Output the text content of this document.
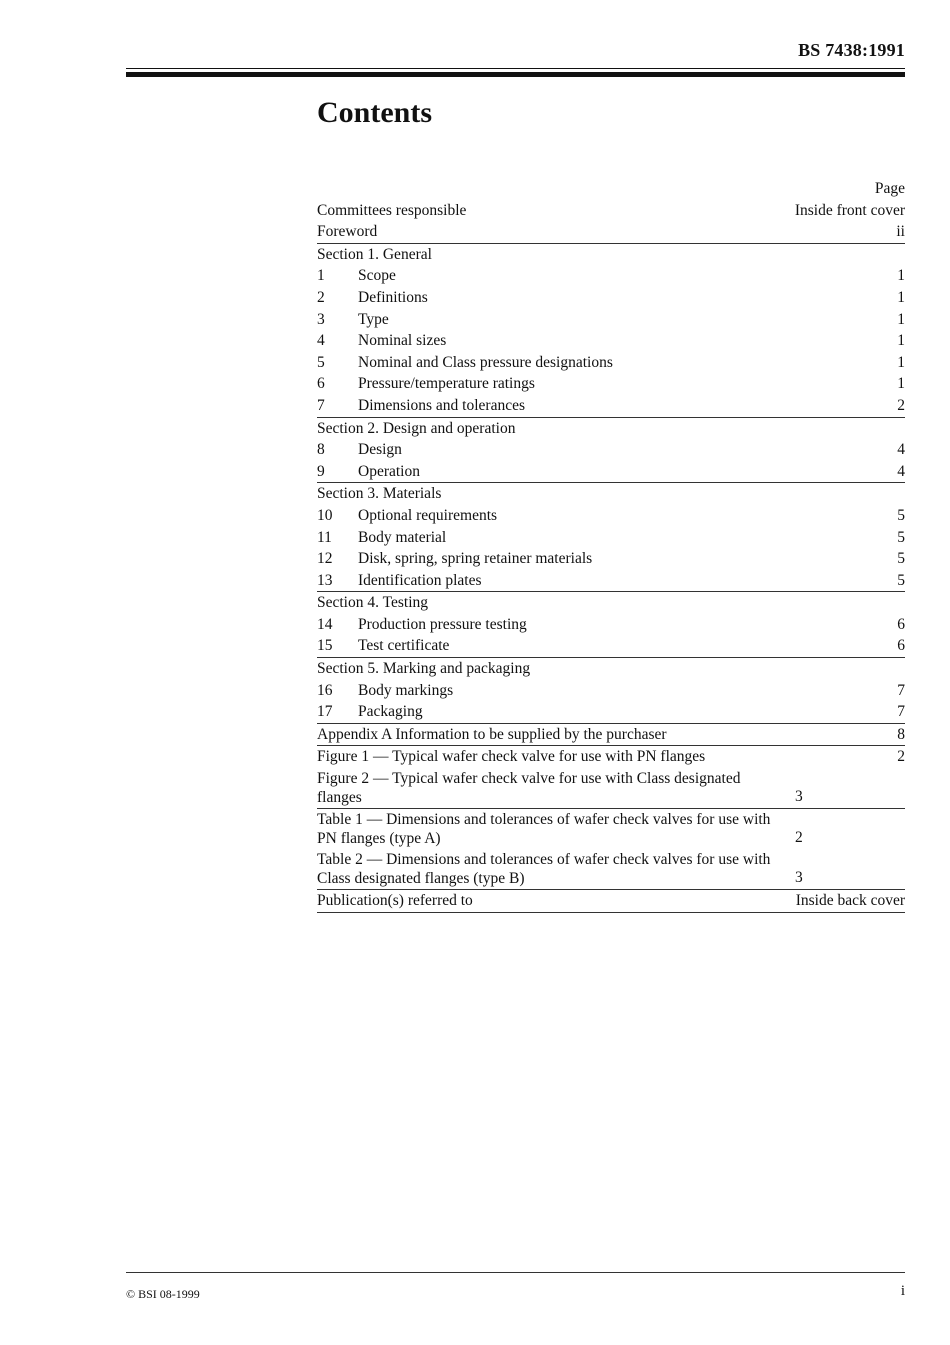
BS 7438:1991
Contents
Page
Committees responsible	Inside front cover
Foreword	ii
Section 1. General
1	Scope	1
2	Definitions	1
3	Type	1
4	Nominal sizes	1
5	Nominal and Class pressure designations	1
6	Pressure/temperature ratings	1
7	Dimensions and tolerances	2
Section 2. Design and operation
8	Design	4
9	Operation	4
Section 3. Materials
10	Optional requirements	5
11	Body material	5
12	Disk, spring, spring retainer materials	5
13	Identification plates	5
Section 4. Testing
14	Production pressure testing	6
15	Test certificate	6
Section 5. Marking and packaging
16	Body markings	7
17	Packaging	7
Appendix A Information to be supplied by the purchaser	8
Figure 1 — Typical wafer check valve for use with PN flanges	2
Figure 2 — Typical wafer check valve for use with Class designated flanges	3
Table 1 — Dimensions and tolerances of wafer check valves for use with PN flanges (type A)	2
Table 2 — Dimensions and tolerances of wafer check valves for use with Class designated flanges (type B)	3
Publication(s) referred to	Inside back cover
© BSI 08-1999	i
